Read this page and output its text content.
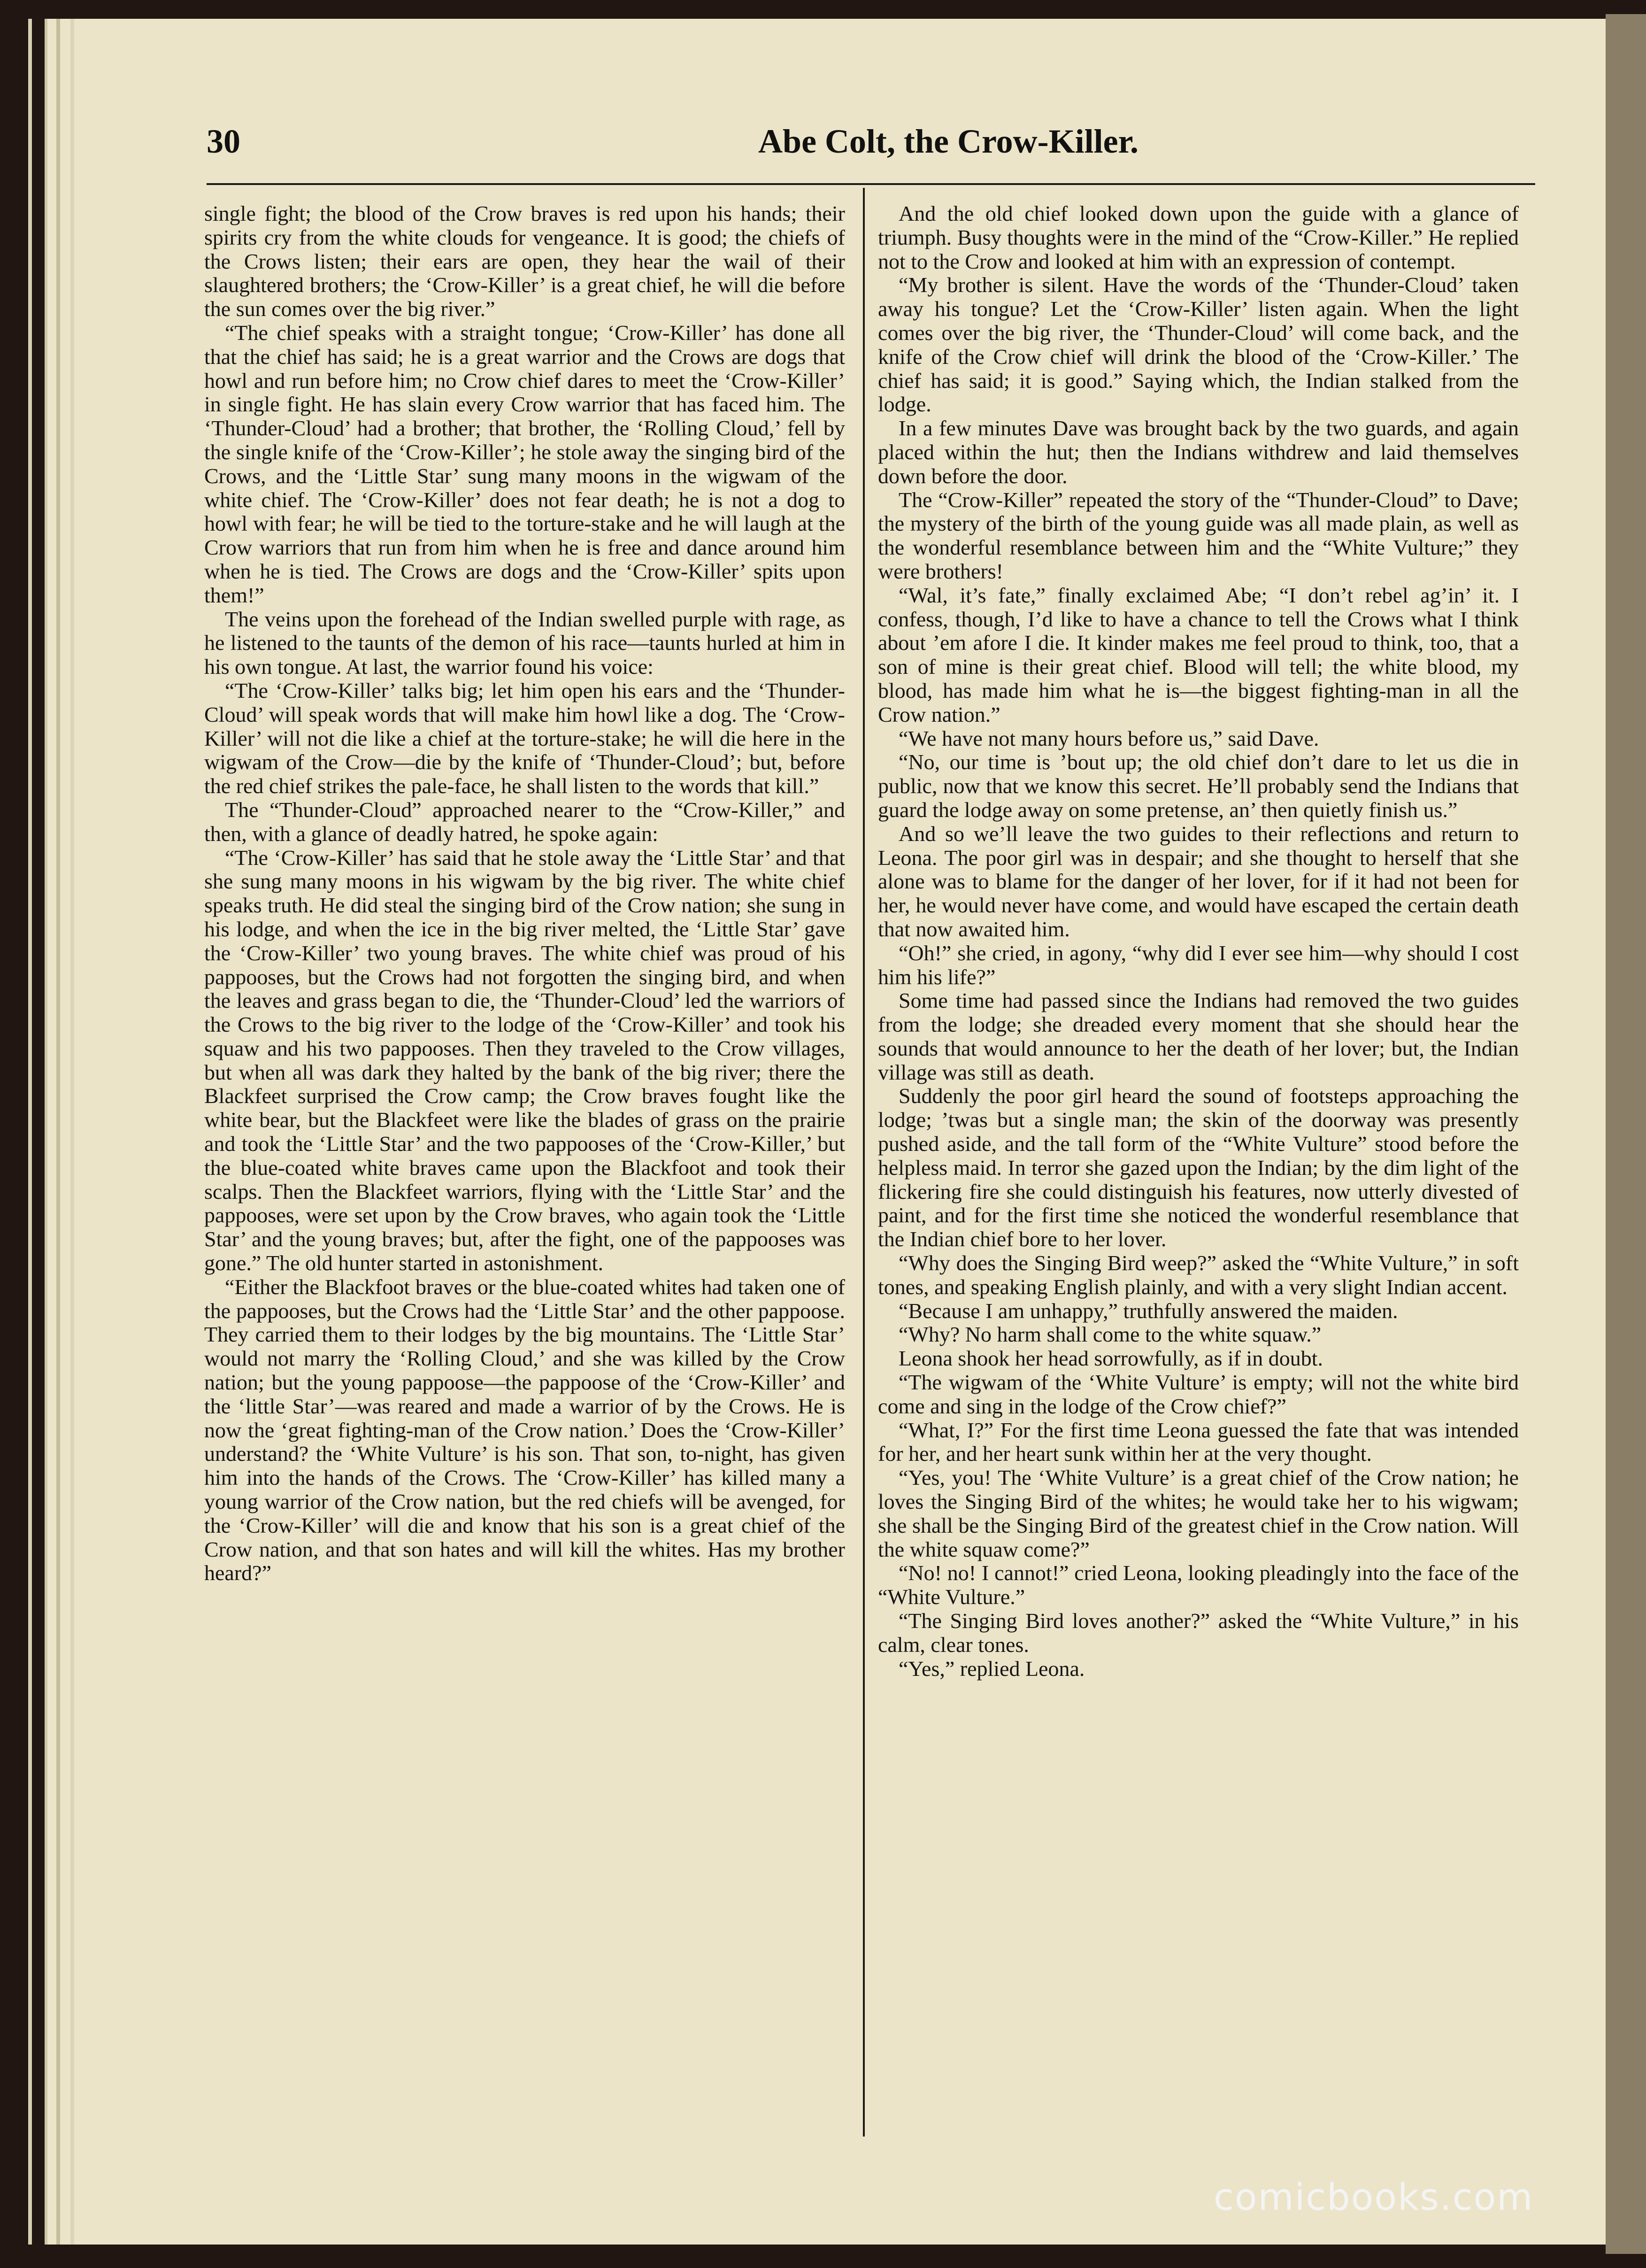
30	Abe Colt, the Crow-Killer.

single fight; the blood of the Crow braves is red upon his hands; their spirits cry from the white clouds for vengeance. It is good; the chiefs of the Crows listen; their ears are open, they hear the wail of their slaughtered brothers; the ‘Crow-Killer’ is a great chief, he will die before the sun comes over the big river.”

“The chief speaks with a straight tongue; ‘Crow-Killer’ has done all that the chief has said; he is a great warrior and the Crows are dogs that howl and run before him; no Crow chief dares to meet the ‘Crow-Killer’ in single fight. He has slain every Crow warrior that has faced him. The ‘Thunder-Cloud’ had a brother; that brother, the ‘Rolling Cloud,’ fell by the single knife of the ‘Crow-Killer’; he stole away the singing bird of the Crows, and the ‘Little Star’ sung many moons in the wigwam of the white chief. The ‘Crow-Killer’ does not fear death; he is not a dog to howl with fear; he will be tied to the torture-stake and he will laugh at the Crow warriors that run from him when he is free and dance around him when he is tied. The Crows are dogs and the ‘Crow-Killer’ spits upon them!”

The veins upon the forehead of the Indian swelled purple with rage, as he listened to the taunts of the demon of his race—taunts hurled at him in his own tongue. At last, the warrior found his voice:

“The ‘Crow-Killer’ talks big; let him open his ears and the ‘Thunder-Cloud’ will speak words that will make him howl like a dog. The ‘Crow-Killer’ will not die like a chief at the torture-stake; he will die here in the wigwam of the Crow—die by the knife of ‘Thunder-Cloud’; but, before the red chief strikes the pale-face, he shall listen to the words that kill.”

The “Thunder-Cloud” approached nearer to the “Crow-Killer,” and then, with a glance of deadly hatred, he spoke again:

“The ‘Crow-Killer’ has said that he stole away the ‘Little Star’ and that she sung many moons in his wigwam by the big river. The white chief speaks truth. He did steal the singing bird of the Crow nation; she sung in his lodge, and when the ice in the big river melted, the ‘Little Star’ gave the ‘Crow-Killer’ two young braves. The white chief was proud of his pappooses, but the Crows had not forgotten the singing bird, and when the leaves and grass began to die, the ‘Thunder-Cloud’ led the warriors of the Crows to the big river to the lodge of the ‘Crow-Killer’ and took his squaw and his two pappooses. Then they traveled to the Crow villages, but when all was dark they halted by the bank of the big river; there the Blackfeet surprised the Crow camp; the Crow braves fought like the white bear, but the Blackfeet were like the blades of grass on the prairie and took the ‘Little Star’ and the two pappooses of the ‘Crow-Killer,’ but the blue-coated white braves came upon the Blackfoot and took their scalps. Then the Blackfeet warriors, flying with the ‘Little Star’ and the pappooses, were set upon by the Crow braves, who again took the ‘Little Star’ and the young braves; but, after the fight, one of the pappooses was gone.” The old hunter started in astonishment.

“Either the Blackfoot braves or the blue-coated whites had taken one of the pappooses, but the Crows had the ‘Little Star’ and the other pappoose. They carried them to their lodges by the big mountains. The ‘Little Star’ would not marry the ‘Rolling Cloud,’ and she was killed by the Crow nation; but the young pappoose—the pappoose of the ‘Crow-Killer’ and the ‘little Star’—was reared and made a warrior of by the Crows. He is now the ‘great fighting-man of the Crow nation.’ Does the ‘Crow-Killer’ understand? the ‘White Vulture’ is his son. That son, to-night, has given him into the hands of the Crows. The ‘Crow-Killer’ has killed many a young warrior of the Crow nation, but the red chiefs will be avenged, for the ‘Crow-Killer’ will die and know that his son is a great chief of the Crow nation, and that son hates and will kill the whites. Has my brother heard?”

And the old chief looked down upon the guide with a glance of triumph. Busy thoughts were in the mind of the “Crow-Killer.” He replied not to the Crow and looked at him with an expression of contempt.

“My brother is silent. Have the words of the ‘Thunder-Cloud’ taken away his tongue? Let the ‘Crow-Killer’ listen again. When the light comes over the big river, the ‘Thunder-Cloud’ will come back, and the knife of the Crow chief will drink the blood of the ‘Crow-Killer.’ The chief has said; it is good.” Saying which, the Indian stalked from the lodge.

In a few minutes Dave was brought back by the two guards, and again placed within the hut; then the Indians withdrew and laid themselves down before the door.

The “Crow-Killer” repeated the story of the “Thunder-Cloud” to Dave; the mystery of the birth of the young guide was all made plain, as well as the wonderful resemblance between him and the “White Vulture;” they were brothers!

“Wal, it’s fate,” finally exclaimed Abe; “I don’t rebel ag’in’ it. I confess, though, I’d like to have a chance to tell the Crows what I think about ’em afore I die. It kinder makes me feel proud to think, too, that a son of mine is their great chief. Blood will tell; the white blood, my blood, has made him what he is—the biggest fighting-man in all the Crow nation.”

“We have not many hours before us,” said Dave.

“No, our time is ’bout up; the old chief don’t dare to let us die in public, now that we know this secret. He’ll probably send the Indians that guard the lodge away on some pretense, an’ then quietly finish us.”

And so we’ll leave the two guides to their reflections and return to Leona. The poor girl was in despair; and she thought to herself that she alone was to blame for the danger of her lover, for if it had not been for her, he would never have come, and would have escaped the certain death that now awaited him.

“Oh!” she cried, in agony, “why did I ever see him—why should I cost him his life?”

Some time had passed since the Indians had removed the two guides from the lodge; she dreaded every moment that she should hear the sounds that would announce to her the death of her lover; but, the Indian village was still as death.

Suddenly the poor girl heard the sound of footsteps approaching the lodge; ’twas but a single man; the skin of the doorway was presently pushed aside, and the tall form of the “White Vulture” stood before the helpless maid. In terror she gazed upon the Indian; by the dim light of the flickering fire she could distinguish his features, now utterly divested of paint, and for the first time she noticed the wonderful resemblance that the Indian chief bore to her lover.

“Why does the Singing Bird weep?” asked the “White Vulture,” in soft tones, and speaking English plainly, and with a very slight Indian accent.

“Because I am unhappy,” truthfully answered the maiden.

“Why? No harm shall come to the white squaw.”

Leona shook her head sorrowfully, as if in doubt.

“The wigwam of the ‘White Vulture’ is empty; will not the white bird come and sing in the lodge of the Crow chief?”

“What, I?” For the first time Leona guessed the fate that was intended for her, and her heart sunk within her at the very thought.

“Yes, you! The ‘White Vulture’ is a great chief of the Crow nation; he loves the Singing Bird of the whites; he would take her to his wigwam; she shall be the Singing Bird of the greatest chief in the Crow nation. Will the white squaw come?”

“No! no! I cannot!” cried Leona, looking pleadingly into the face of the “White Vulture.”

“The Singing Bird loves another?” asked the “White Vulture,” in his calm, clear tones.

“Yes,” replied Leona.

comicbooks.com
